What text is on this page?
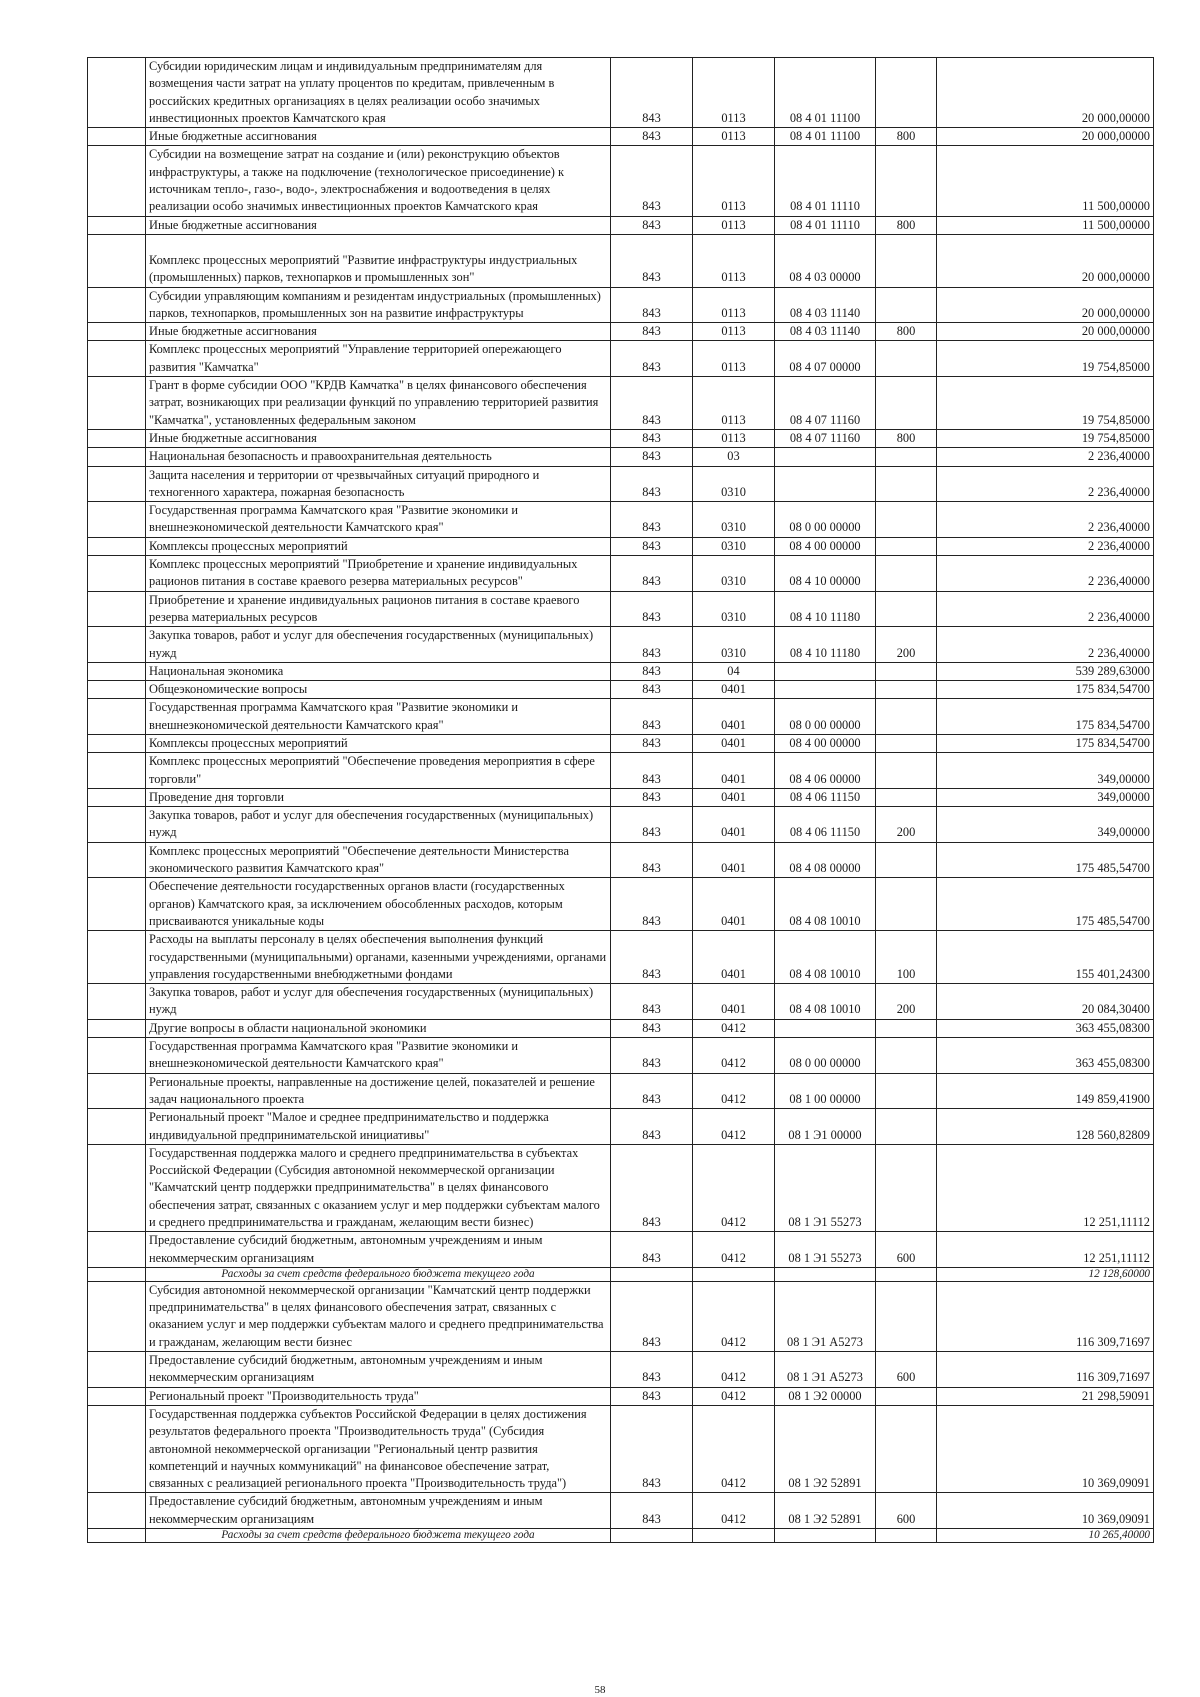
	Субсидии юридическим лицам и индивидуальным предпринимателям для возмещения части затрат на уплату процентов по кредитам, привлеченным в российских кредитных организациях в целях реализации особо значимых инвестиционных проектов Камчатского края	843	0113	08 4 01 11100		20 000,00000
	Иные бюджетные ассигнования	843	0113	08 4 01 11100	800	20 000,00000
	Субсидии на возмещение затрат на создание и (или) реконструкцию объектов инфраструктуры, а также на подключение (технологическое присоединение) к источникам тепло-, газо-, водо-, электроснабжения и водоотведения в целях реализации особо значимых инвестиционных проектов Камчатского края	843	0113	08 4 01 11110		11 500,00000
	Иные бюджетные ассигнования	843	0113	08 4 01 11110	800	11 500,00000
	Комплекс процессных мероприятий "Развитие инфраструктуры индустриальных (промышленных) парков, технопарков и промышленных зон"	843	0113	08 4 03 00000		20 000,00000
	Субсидии управляющим компаниям и резидентам индустриальных (промышленных) парков, технопарков, промышленных зон на развитие инфраструктуры	843	0113	08 4 03 11140		20 000,00000
	Иные бюджетные ассигнования	843	0113	08 4 03 11140	800	20 000,00000
	Комплекс процессных мероприятий "Управление территорией опережающего развития "Камчатка"	843	0113	08 4 07 00000		19 754,85000
	Грант в форме субсидии ООО "КРДВ Камчатка" в целях финансового обеспечения затрат, возникающих при реализации функций по управлению территорией развития "Камчатка", установленных федеральным законом	843	0113	08 4 07 11160		19 754,85000
	Иные бюджетные ассигнования	843	0113	08 4 07 11160	800	19 754,85000
	Национальная безопасность и правоохранительная деятельность	843	03			2 236,40000
	Защита населения и территории от чрезвычайных ситуаций природного и техногенного характера, пожарная безопасность	843	0310			2 236,40000
	Государственная программа Камчатского края "Развитие экономики и внешнеэкономической деятельности Камчатского края"	843	0310	08 0 00 00000		2 236,40000
	Комплексы процессных мероприятий	843	0310	08 4 00 00000		2 236,40000
	Комплекс процессных мероприятий "Приобретение и хранение индивидуальных рационов питания в составе краевого резерва материальных ресурсов"	843	0310	08 4 10 00000		2 236,40000
	Приобретение и хранение индивидуальных рационов питания в составе краевого резерва материальных ресурсов	843	0310	08 4 10 11180		2 236,40000
	Закупка товаров, работ и услуг для обеспечения государственных (муниципальных) нужд	843	0310	08 4 10 11180	200	2 236,40000
	Национальная экономика	843	04			539 289,63000
	Общеэкономические вопросы	843	0401			175 834,54700
	Государственная программа Камчатского края "Развитие экономики и внешнеэкономической деятельности Камчатского края"	843	0401	08 0 00 00000		175 834,54700
	Комплексы процессных мероприятий	843	0401	08 4 00 00000		175 834,54700
	Комплекс процессных мероприятий "Обеспечение проведения мероприятия в сфере торговли"	843	0401	08 4 06 00000		349,00000
	Проведение дня торговли	843	0401	08 4 06 11150		349,00000
	Закупка товаров, работ и услуг для обеспечения государственных (муниципальных) нужд	843	0401	08 4 06 11150	200	349,00000
	Комплекс процессных мероприятий "Обеспечение деятельности Министерства экономического развития Камчатского края"	843	0401	08 4 08 00000		175 485,54700
	Обеспечение деятельности государственных органов власти (государственных органов) Камчатского края, за исключением обособленных расходов, которым присваиваются уникальные коды	843	0401	08 4 08 10010		175 485,54700
	Расходы на выплаты персоналу в целях обеспечения выполнения функций государственными (муниципальными) органами, казенными учреждениями, органами управления государственными внебюджетными фондами	843	0401	08 4 08 10010	100	155 401,24300
	Закупка товаров, работ и услуг для обеспечения государственных (муниципальных) нужд	843	0401	08 4 08 10010	200	20 084,30400
	Другие вопросы в области национальной экономики	843	0412			363 455,08300
	Государственная программа Камчатского края "Развитие экономики и внешнеэкономической деятельности Камчатского края"	843	0412	08 0 00 00000		363 455,08300
	Региональные проекты, направленные на достижение целей, показателей и решение задач национального проекта	843	0412	08 1 00 00000		149 859,41900
	Региональный проект "Малое и среднее предпринимательство и поддержка индивидуальной предпринимательской инициативы"	843	0412	08 1 Э1 00000		128 560,82809
	Государственная поддержка малого и среднего предпринимательства в субъектах Российской Федерации (Субсидия автономной некоммерческой организации "Камчатский центр поддержки предпринимательства" в целях финансового обеспечения затрат, связанных с оказанием услуг и мер поддержки субъектам малого и среднего предпринимательства и гражданам, желающим вести бизнес)	843	0412	08 1 Э1 55273		12 251,11112
	Предоставление субсидий бюджетным, автономным учреждениям и иным некоммерческим организациям	843	0412	08 1 Э1 55273	600	12 251,11112
	Расходы за счет средств федерального бюджета текущего года					12 128,60000
	Субсидия автономной некоммерческой организации "Камчатский центр поддержки предпринимательства" в целях финансового обеспечения затрат, связанных с оказанием услуг и мер поддержки субъектам малого и среднего предпринимательства и гражданам, желающим вести бизнес	843	0412	08 1 Э1 А5273		116 309,71697
	Предоставление субсидий бюджетным, автономным учреждениям и иным некоммерческим организациям	843	0412	08 1 Э1 А5273	600	116 309,71697
	Региональный проект "Производительность труда"	843	0412	08 1 Э2 00000		21 298,59091
	Государственная поддержка субъектов Российской Федерации в целях достижения результатов федерального проекта "Производительность труда" (Субсидия автономной некоммерческой организации "Региональный центр развития компетенций и научных коммуникаций" на финансовое обеспечение затрат, связанных с реализацией регионального проекта "Производительность труда")	843	0412	08 1 Э2 52891		10 369,09091
	Предоставление субсидий бюджетным, автономным учреждениям и иным некоммерческим организациям	843	0412	08 1 Э2 52891	600	10 369,09091
	Расходы за счет средств федерального бюджета текущего года					10 265,40000
58
